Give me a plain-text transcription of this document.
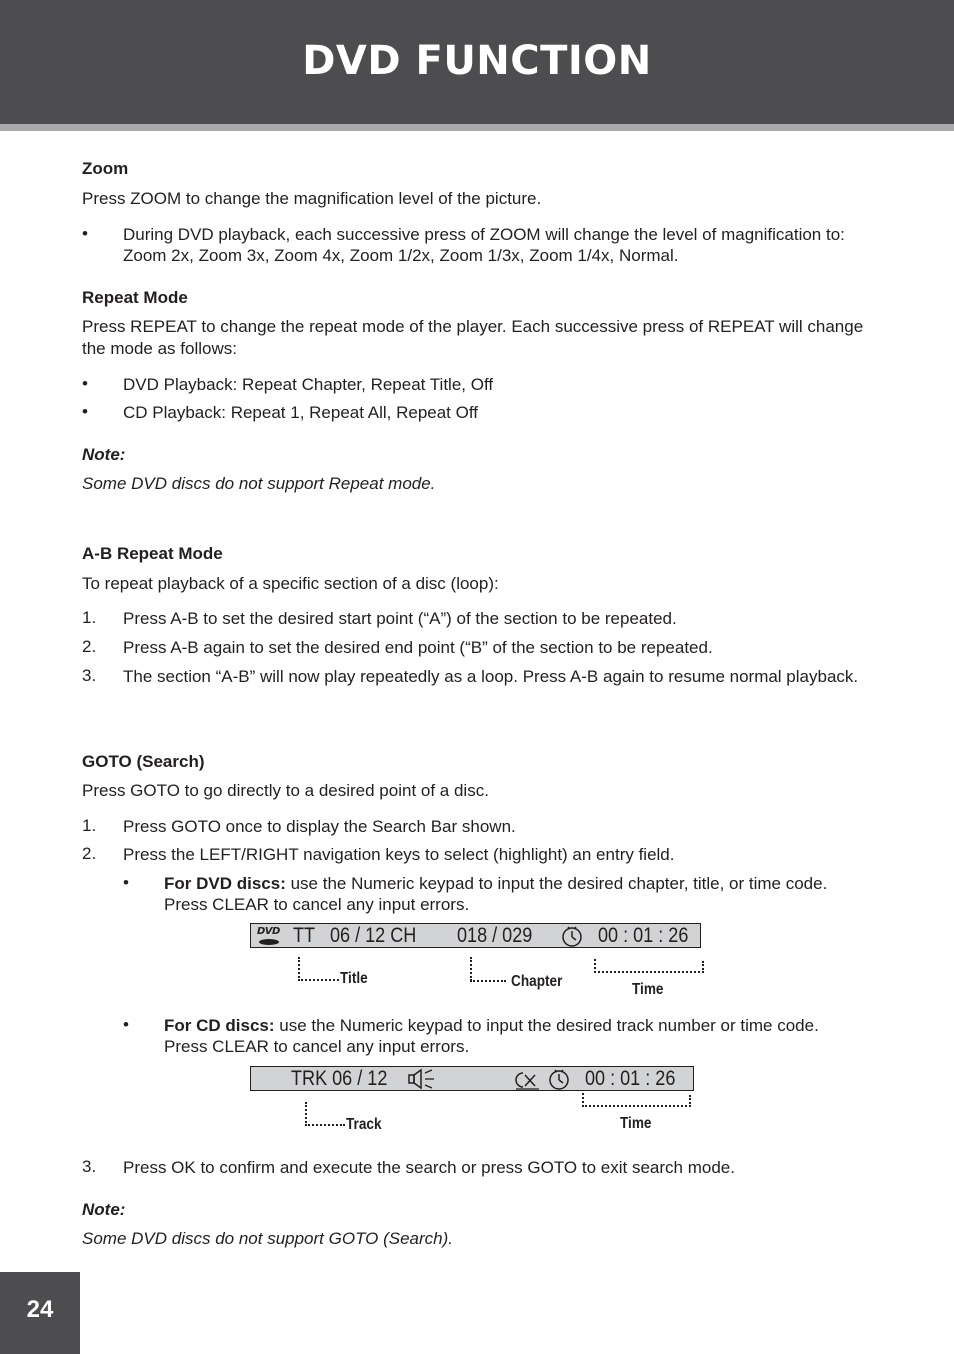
DVD FUNCTION
Zoom
Press ZOOM to change the magnification level of the picture.
• During DVD playback, each successive press of ZOOM will change the level of magnification to: Zoom 2x, Zoom 3x, Zoom 4x, Zoom 1/2x, Zoom 1/3x, Zoom 1/4x, Normal.
Repeat Mode
Press REPEAT to change the repeat mode of the player. Each successive press of REPEAT will change the mode as follows:
• DVD Playback: Repeat Chapter, Repeat Title, Off
• CD Playback: Repeat 1, Repeat All, Repeat Off
Note:
Some DVD discs do not support Repeat mode.
A-B Repeat Mode
To repeat playback of a specific section of a disc (loop):
1. Press A-B to set the desired start point (“A”) of the section to be repeated.
2. Press A-B again to set the desired end point (“B” of the section to be repeated.
3. The section “A-B” will now play repeatedly as a loop. Press A-B again to resume normal playback.
GOTO (Search)
Press GOTO to go directly to a desired point of a disc.
1. Press GOTO once to display the Search Bar shown.
2. Press the LEFT/RIGHT navigation keys to select (highlight) an entry field.
• For DVD discs: use the Numeric keypad to input the desired chapter, title, or time code. Press CLEAR to cancel any input errors.
• For CD discs: use the Numeric keypad to input the desired track number or time code. Press CLEAR to cancel any input errors.
3. Press OK to confirm and execute the search or press GOTO to exit search mode.
Note:
Some DVD discs do not support GOTO (Search).
DVD TT 06 / 12 CH 018 / 029	00 : 01 : 26
Title	Chapter	Time
TRK 06 / 12	00 : 01 : 26
Track	Time
24
